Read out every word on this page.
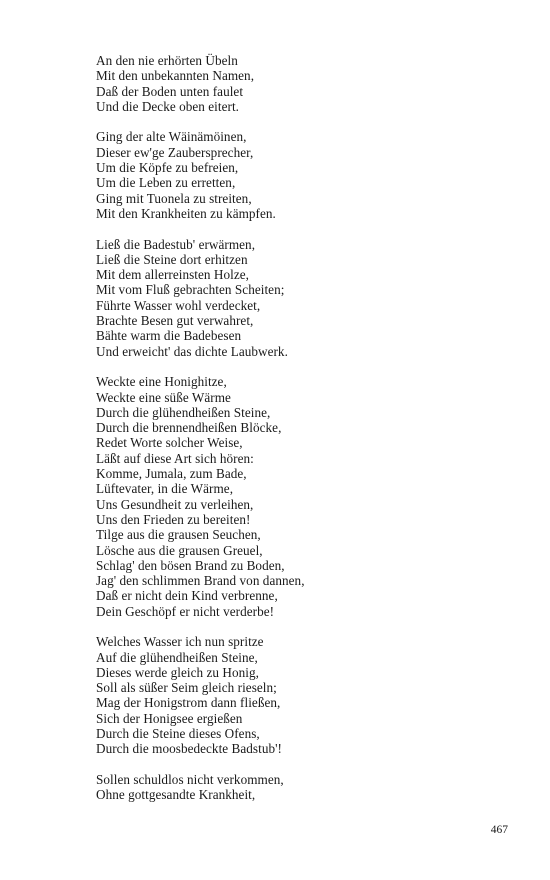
An den nie erhörten Übeln
Mit den unbekannten Namen,
Daß der Boden unten faulet
Und die Decke oben eitert.
Ging der alte Wäinämöinen,
Dieser ew'ge Zaubersprecher,
Um die Köpfe zu befreien,
Um die Leben zu erretten,
Ging mit Tuonela zu streiten,
Mit den Krankheiten zu kämpfen.
Ließ die Badestub' erwärmen,
Ließ die Steine dort erhitzen
Mit dem allerreinsten Holze,
Mit vom Fluß gebrachten Scheiten;
Führte Wasser wohl verdecket,
Brachte Besen gut verwahret,
Bähte warm die Badebesen
Und erweicht' das dichte Laubwerk.
Weckte eine Honighitze,
Weckte eine süße Wärme
Durch die glühendheißen Steine,
Durch die brennendheißen Blöcke,
Redet Worte solcher Weise,
Läßt auf diese Art sich hören:
Komme, Jumala, zum Bade,
Lüftevater, in die Wärme,
Uns Gesundheit zu verleihen,
Uns den Frieden zu bereiten!
Tilge aus die grausen Seuchen,
Lösche aus die grausen Greuel,
Schlag' den bösen Brand zu Boden,
Jag' den schlimmen Brand von dannen,
Daß er nicht dein Kind verbrenne,
Dein Geschöpf er nicht verderbe!
Welches Wasser ich nun spritze
Auf die glühendheißen Steine,
Dieses werde gleich zu Honig,
Soll als süßer Seim gleich rieseln;
Mag der Honigstrom dann fließen,
Sich der Honigsee ergießen
Durch die Steine dieses Ofens,
Durch die moosbedeckte Badstub'!
Sollen schuldlos nicht verkommen,
Ohne gottgesandte Krankheit,
467
